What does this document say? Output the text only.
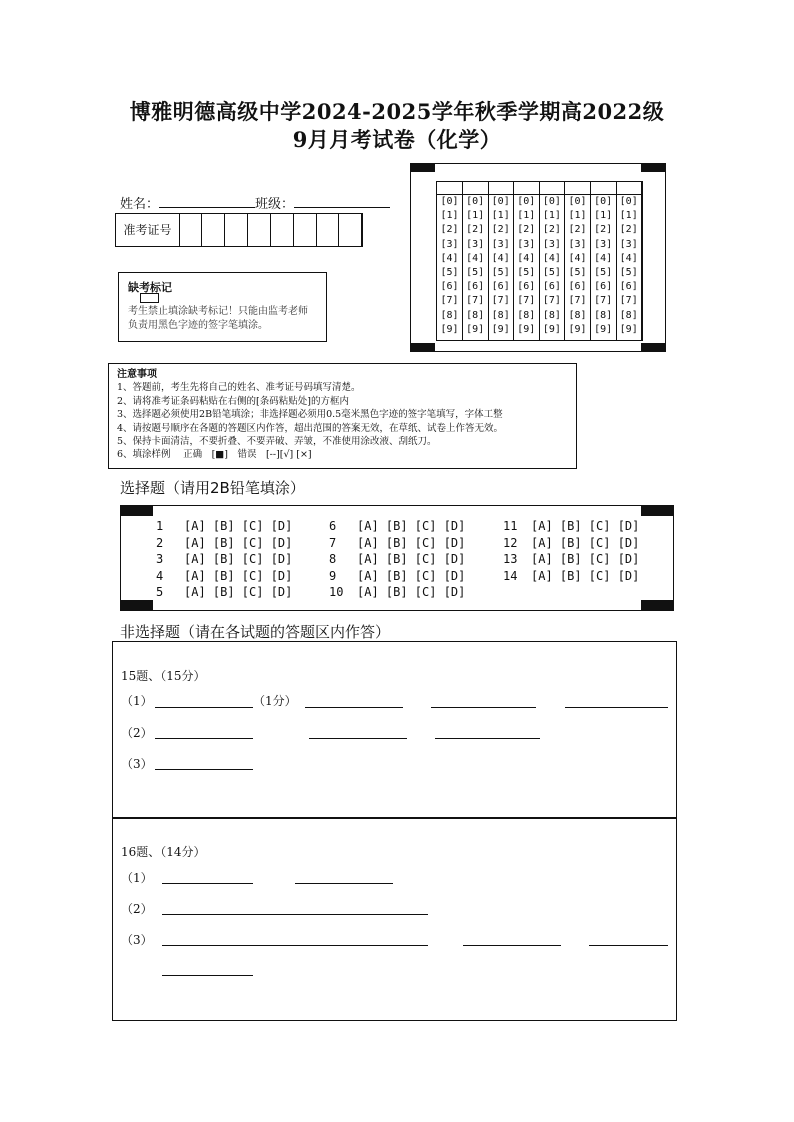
博雅明德高级中学2024-2025学年秋季学期高2022级
9月月考试卷（化学）
姓名：	班级：
准考证号
缺考标记
考生禁止填涂缺考标记！只能由监考老师
负责用黑色字迹的签字笔填涂。
[0]
[1]
[2]
[3]
[4]
[5]
[6]
[7]
[8]
[9]
[0]
[1]
[2]
[3]
[4]
[5]
[6]
[7]
[8]
[9]
[0]
[1]
[2]
[3]
[4]
[5]
[6]
[7]
[8]
[9]
[0]
[1]
[2]
[3]
[4]
[5]
[6]
[7]
[8]
[9]
[0]
[1]
[2]
[3]
[4]
[5]
[6]
[7]
[8]
[9]
[0]
[1]
[2]
[3]
[4]
[5]
[6]
[7]
[8]
[9]
[0]
[1]
[2]
[3]
[4]
[5]
[6]
[7]
[8]
[9]
[0]
[1]
[2]
[3]
[4]
[5]
[6]
[7]
[8]
[9]
注意事项
1、答题前，考生先将自己的姓名、准考证号码填写清楚。
2、请将准考证条码粘贴在右侧的[条码粘贴处]的方框内
3、选择题必须使用2B铅笔填涂；非选择题必须用0.5毫米黑色字迹的签字笔填写，字体工整
4、请按题号顺序在各题的答题区内作答，超出范围的答案无效，在草纸、试卷上作答无效。
5、保持卡面清洁，不要折叠、不要弄破、弄皱，不准使用涂改液、刮纸刀。
6、填涂样例　 正确　[■]　错误　[--][√] [×]
选择题（请用2B铅笔填涂）
1 [A] [B] [C] [D]
2 [A] [B] [C] [D]
3 [A] [B] [C] [D]
4 [A] [B] [C] [D]
5 [A] [B] [C] [D]
6 [A] [B] [C] [D]
7 [A] [B] [C] [D]
8 [A] [B] [C] [D]
9 [A] [B] [C] [D]
10 [A] [B] [C] [D]
11 [A] [B] [C] [D]
12 [A] [B] [C] [D]
13 [A] [B] [C] [D]
14 [A] [B] [C] [D]
非选择题（请在各试题的答题区内作答）
15题、（15分）
（1）	（1分）
（2）
（3）
16题、（14分）
（1）
（2）
（3）
